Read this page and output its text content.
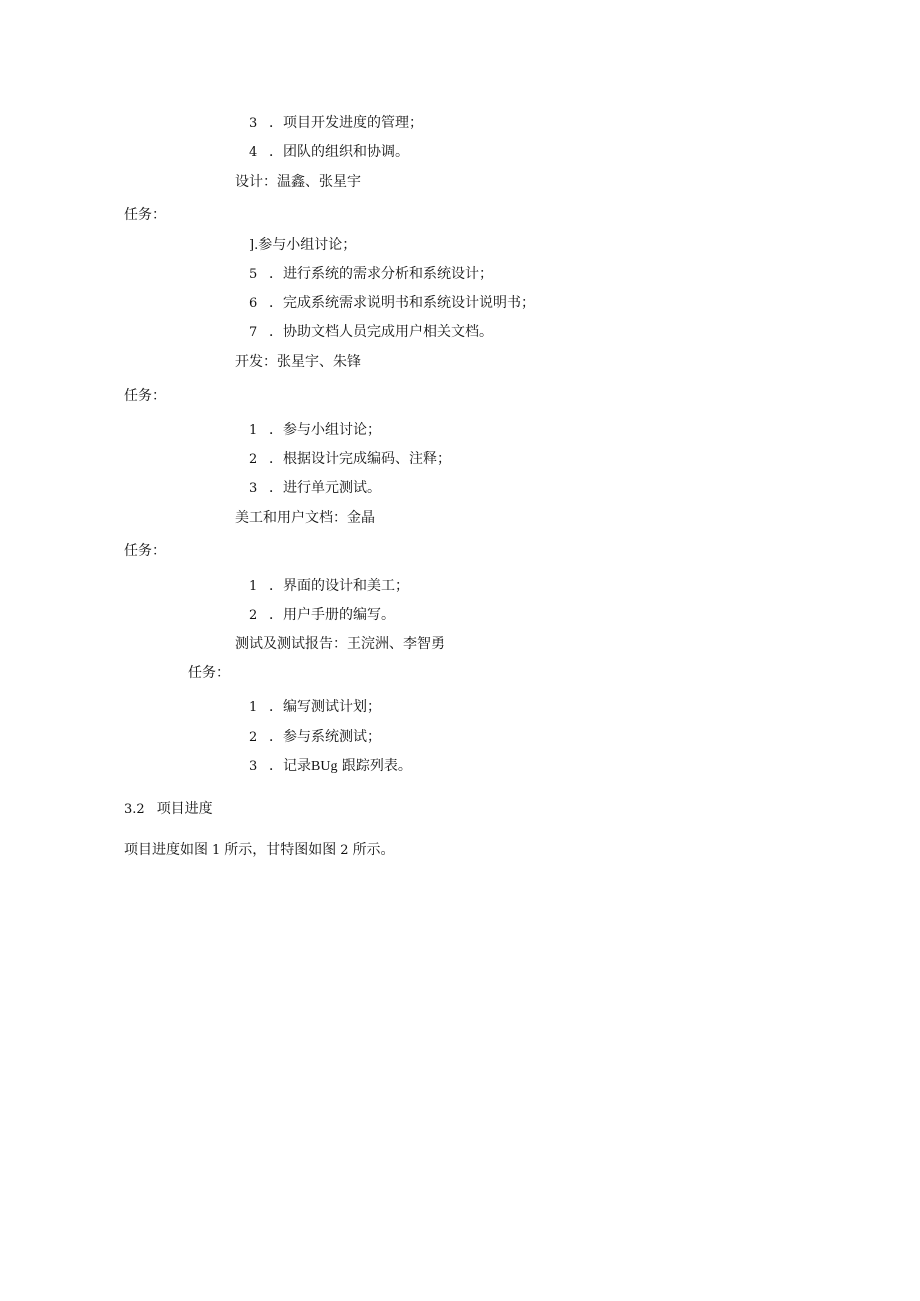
3 ．项目开发进度的管理；
4 ．团队的组织和协调。
设计：温鑫、张星宇
任务：
].参与小组讨论；
5 ．进行系统的需求分析和系统设计；
6 ．完成系统需求说明书和系统设计说明书；
7 ．协助文档人员完成用户相关文档。
开发：张星宇、朱锋
任务：
1 ．参与小组讨论；
2 ．根据设计完成编码、注释；
3 ．进行单元测试。
美工和用户文档：金晶
任务：
1 ．界面的设计和美工；
2 ．用户手册的编写。
测试及测试报告：王浣洲、李智勇
任务：
1 ．编写测试计划；
2 ．参与系统测试；
3 ．记录BUg 跟踪列表。
3.2 项目进度
项目进度如图 1 所示，甘特图如图 2 所示。
